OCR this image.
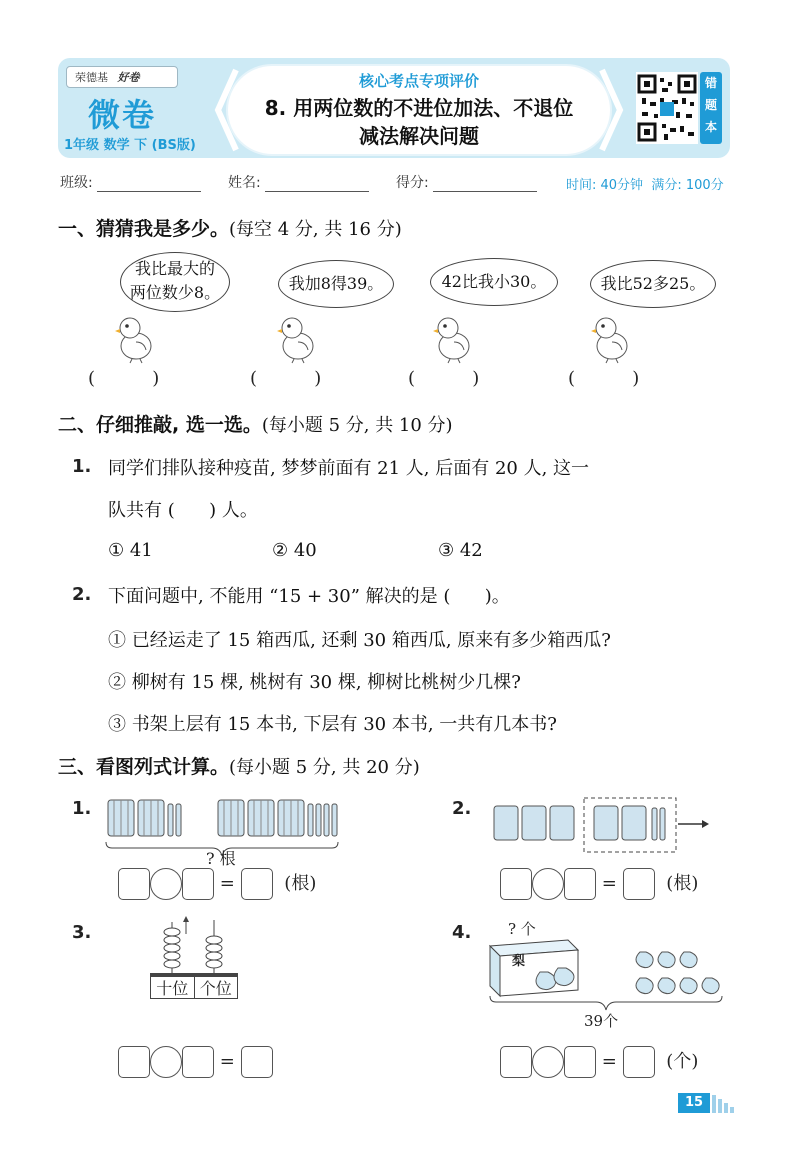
荣德基 好卷
微卷
1年级 数学 下 (BS版)
核心考点专项评价
8. 用两位数的不进位加法、不退位
减法解决问题
错
题
本
班级:	姓名:	得分:	时间: 40分钟 满分: 100分
一、猜猜我是多少。(每空 4 分, 共 16 分)
我比最大的
两位数少8。	我加8得39。	42比我小30。	我比52多25。
(          )	(          )	(          )	(          )
二、仔细推敲, 选一选。(每小题 5 分, 共 10 分)
1. 同学们排队接种疫苗, 梦梦前面有 21 人, 后面有 20 人, 这一
队共有 (      ) 人。
① 41	② 40	③ 42
2. 下面问题中, 不能用 “15 + 30” 解决的是 (      )。
① 已经运走了 15 箱西瓜, 还剩 30 箱西瓜, 原来有多少箱西瓜?
② 柳树有 15 棵, 桃树有 30 棵, 柳树比桃树少几棵?
③ 书架上层有 15 本书, 下层有 30 本书, 一共有几本书?
三、看图列式计算。(每小题 5 分, 共 20 分)
1.
? 根
=	(根)
2.
=	(根)
3.
十位 个位
=
4. ? 个
梨
39个
=	(个)
15
